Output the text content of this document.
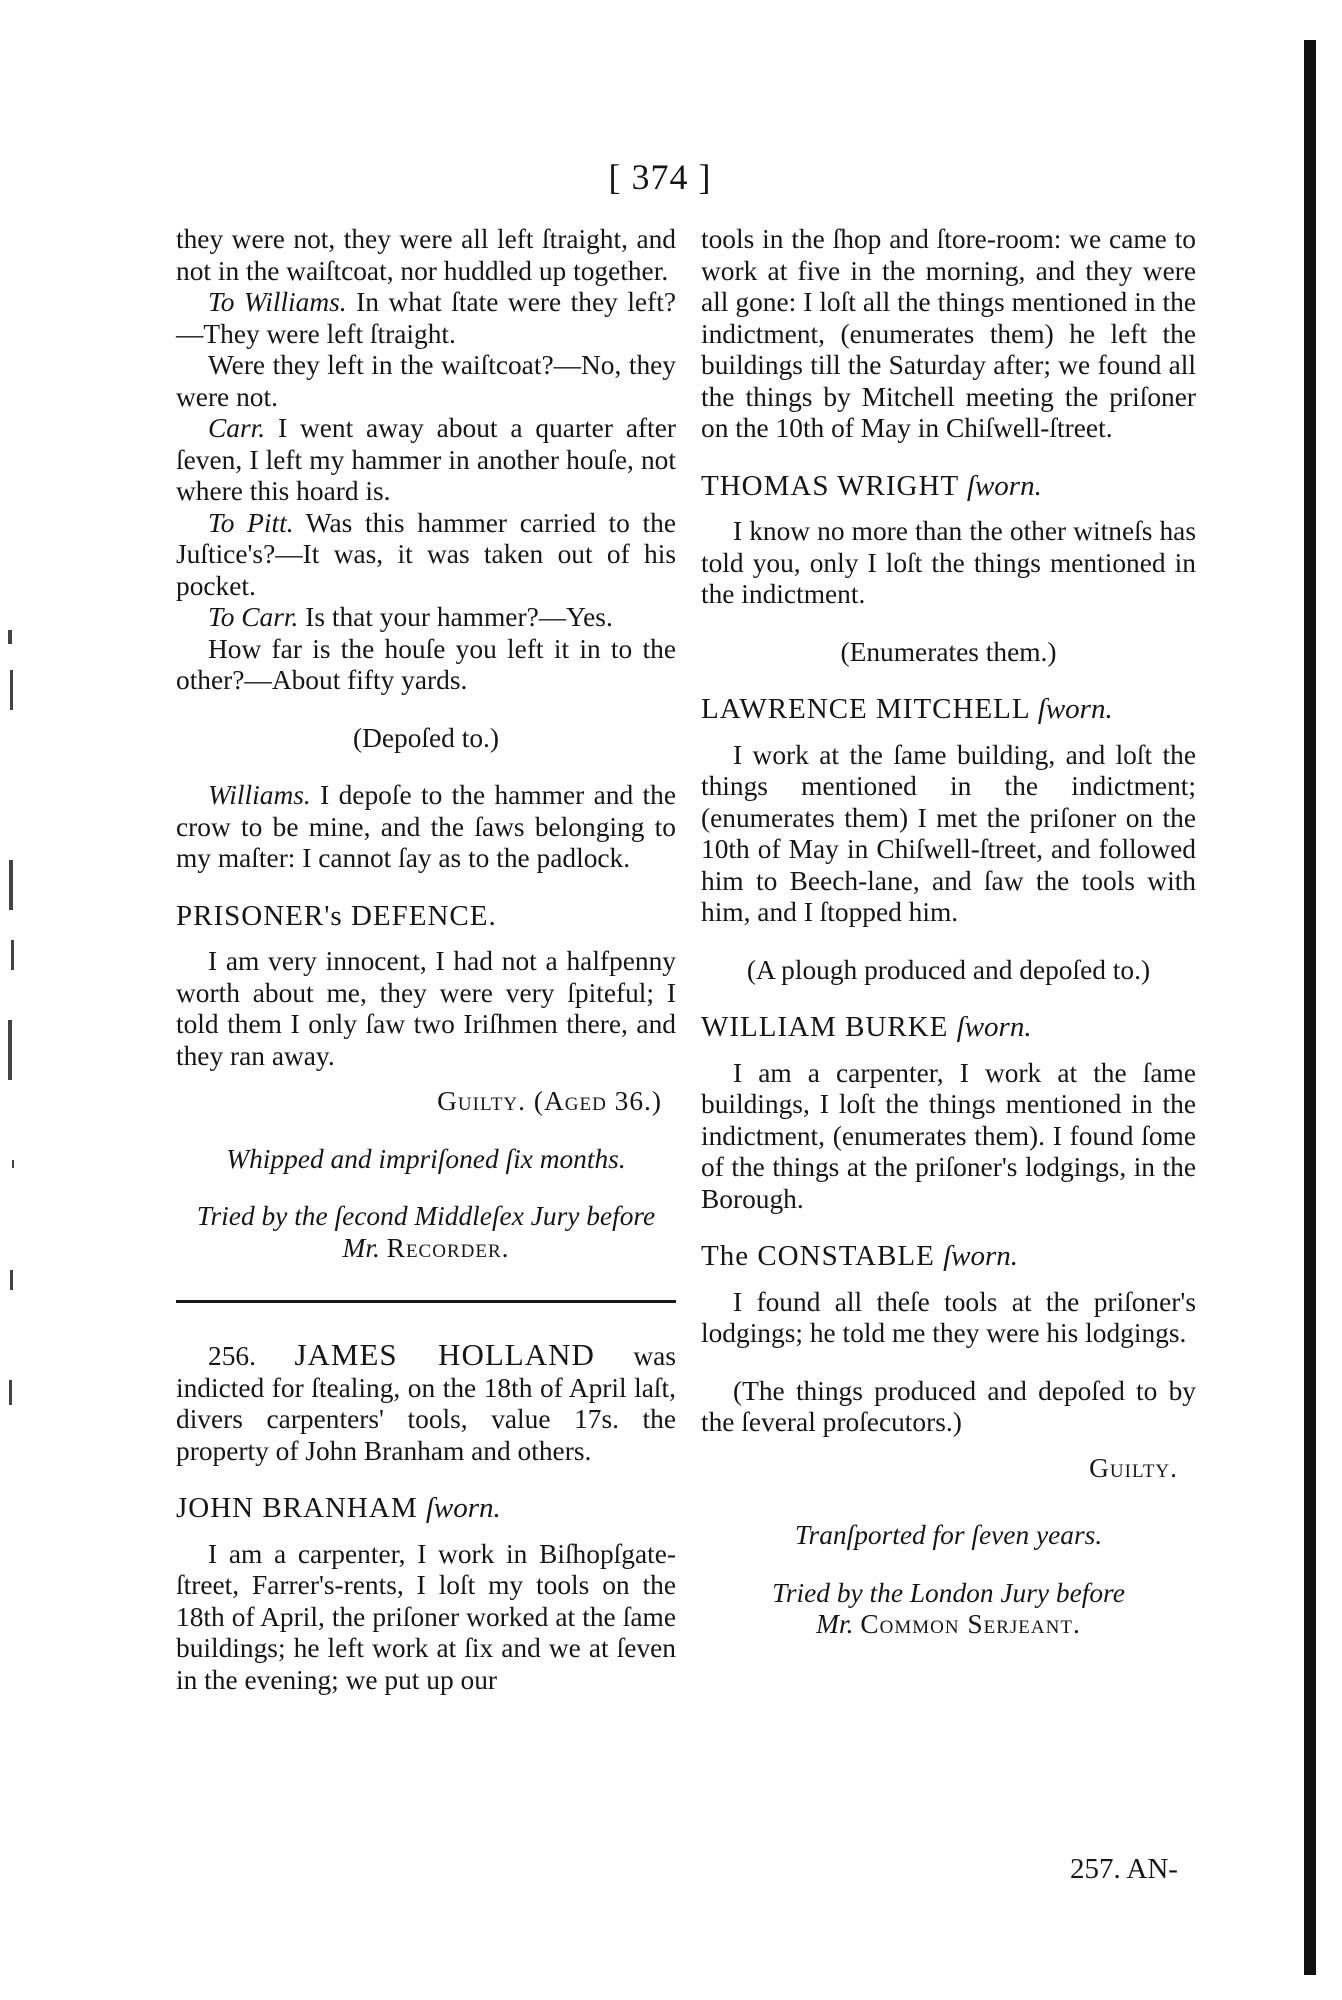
[ 374 ]

they were not, they were all left ſtraight, and not in the waiſtcoat, nor huddled up together.

To Williams. In what ſtate were they left?—They were left ſtraight.

Were they left in the waiſtcoat?—No, they were not.

Carr. I went away about a quarter after ſeven, I left my hammer in another houſe, not where this hoard is.

To Pitt. Was this hammer carried to the Juſtice's?—It was, it was taken out of his pocket.

To Carr. Is that your hammer?—Yes.

How far is the houſe you left it in to the other?—About fifty yards.

(Depoſed to.)

Williams. I depoſe to the hammer and the crow to be mine, and the ſaws belonging to my maſter: I cannot ſay as to the padlock.

PRISONER's DEFENCE.

I am very innocent, I had not a halfpenny worth about me, they were very ſpiteful; I told them I only ſaw two Iriſhmen there, and they ran away.

Guilty. (Aged 36.)

Whipped and impriſoned ſix months.

Tried by the ſecond Middleſex Jury before

Mr. Recorder.

256. JAMES HOLLAND was indicted for ſtealing, on the 18th of April laſt, divers carpenters' tools, value 17s. the property of John Branham and others.

JOHN BRANHAM ſworn.

I am a carpenter, I work in Biſhopſgate-ſtreet, Farrer's-rents, I loſt my tools on the 18th of April, the priſoner worked at the ſame buildings; he left work at ſix and we at ſeven in the evening; we put up our

tools in the ſhop and ſtore-room: we came to work at five in the morning, and they were all gone: I loſt all the things mentioned in the indictment, (enumerates them) he left the buildings till the Saturday after; we found all the things by Mitchell meeting the priſoner on the 10th of May in Chiſwell-ſtreet.

THOMAS WRIGHT ſworn.

I know no more than the other witneſs has told you, only I loſt the things mentioned in the indictment.

(Enumerates them.)

LAWRENCE MITCHELL ſworn.

I work at the ſame building, and loſt the things mentioned in the indictment; (enumerates them) I met the priſoner on the 10th of May in Chiſwell-ſtreet, and followed him to Beech-lane, and ſaw the tools with him, and I ſtopped him.

(A plough produced and depoſed to.)

WILLIAM BURKE ſworn.

I am a carpenter, I work at the ſame buildings, I loſt the things mentioned in the indictment, (enumerates them). I found ſome of the things at the priſoner's lodgings, in the Borough.

The CONSTABLE ſworn.

I found all theſe tools at the priſoner's lodgings; he told me they were his lodgings.

(The things produced and depoſed to by the ſeveral proſecutors.)

Guilty.

Tranſported for ſeven years.

Tried by the London Jury before

Mr. Common Serjeant.

257. AN-
